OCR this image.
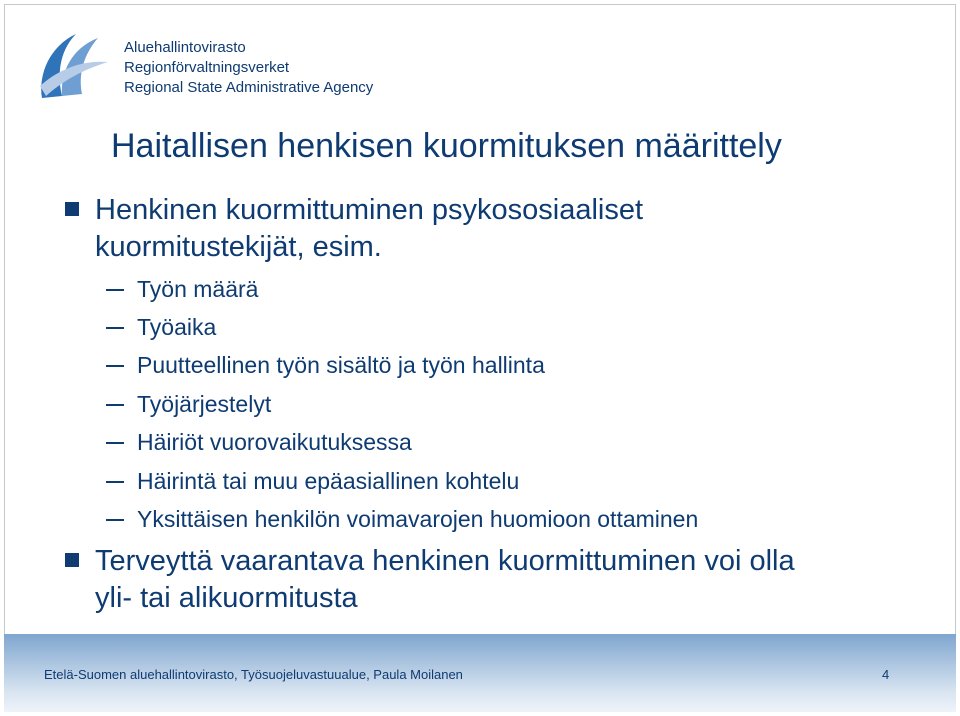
Aluehallintovirasto
Regionförvaltningsverket
Regional State Administrative Agency
Haitallisen henkisen kuormituksen määrittely
Henkinen kuormittuminen psykososiaaliset
kuormitustekijät, esim.
Työn määrä
Työaika
Puutteellinen työn sisältö ja työn hallinta
Työjärjestelyt
Häiriöt vuorovaikutuksessa
Häirintä tai muu epäasiallinen kohtelu
Yksittäisen henkilön voimavarojen huomioon ottaminen
Terveyttä vaarantava henkinen kuormittuminen voi olla
yli- tai alikuormitusta
Etelä-Suomen aluehallintovirasto, Työsuojeluvastuualue, Paula Moilanen	4
